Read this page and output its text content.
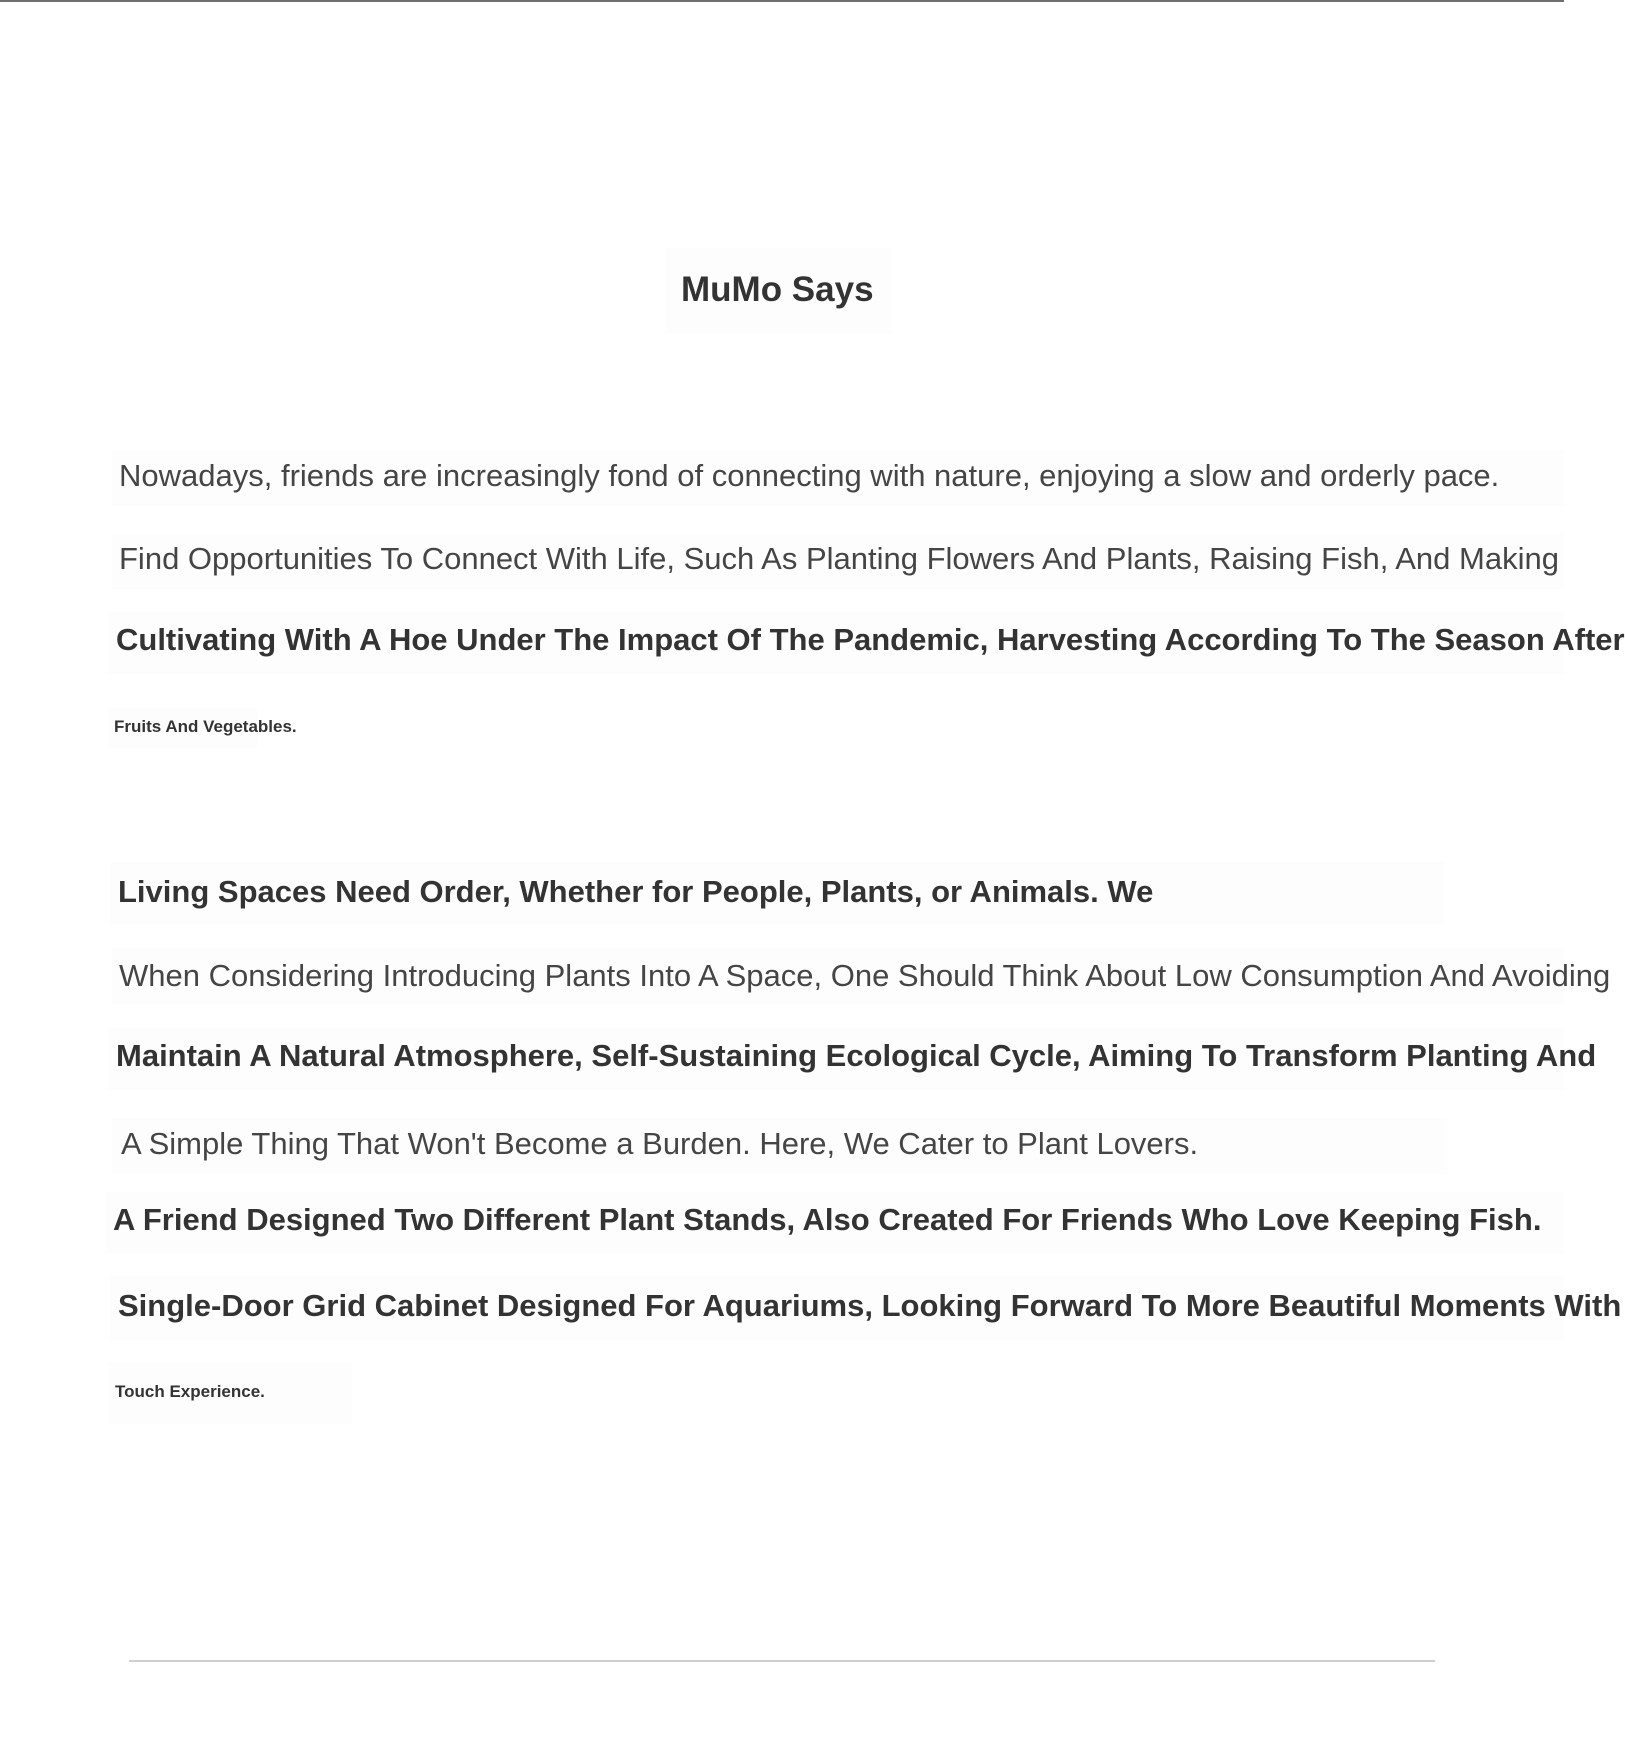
MuMo Says
Nowadays, friends are increasingly fond of connecting with nature, enjoying a slow and orderly pace.
Find Opportunities To Connect With Life, Such As Planting Flowers And Plants, Raising Fish, And Making
Cultivating With A Hoe Under The Impact Of The Pandemic, Harvesting According To The Season After
Fruits And Vegetables.
Living Spaces Need Order, Whether for People, Plants, or Animals. We
When Considering Introducing Plants Into A Space, One Should Think About Low Consumption And Avoiding
Maintain A Natural Atmosphere, Self-Sustaining Ecological Cycle, Aiming To Transform Planting And
A Simple Thing That Won't Become a Burden. Here, We Cater to Plant Lovers.
A Friend Designed Two Different Plant Stands, Also Created For Friends Who Love Keeping Fish.
Single-Door Grid Cabinet Designed For Aquariums, Looking Forward To More Beautiful Moments With
Touch Experience.
